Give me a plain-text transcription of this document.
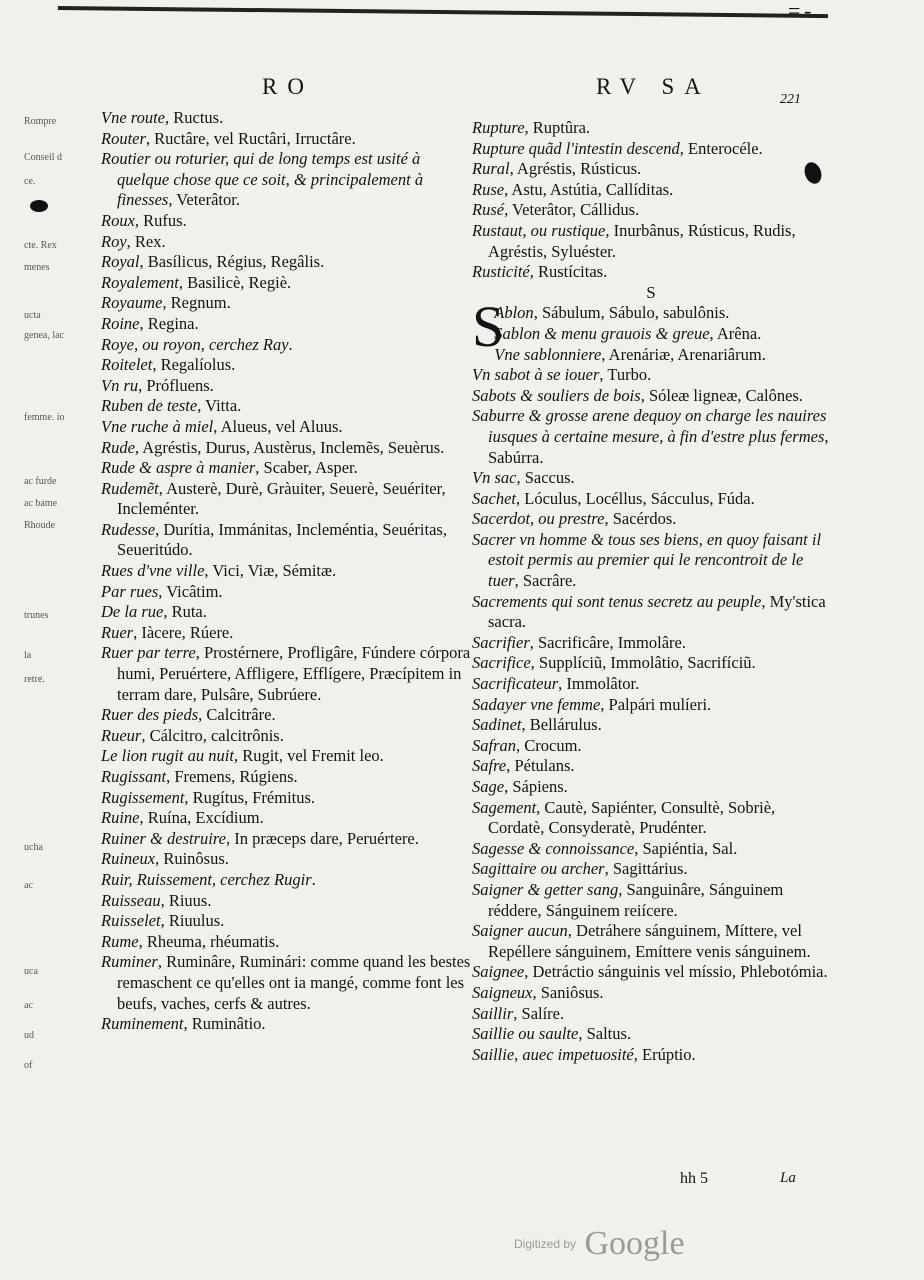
= -
RO	RV SA
221
Rompre
Conseil d
ce.
cte. Rex
menes
ucta
genea, lac
femme. io
ac furde
ac bame
Rhoude
trunes
la
retre.
ucha
ac
uca
ac
ud
of
Vne route, Ructus.
Router, Ructâre, vel Ructâri, Irructâre.
Routier ou roturier, qui de long temps est usité à quelque chose que ce soit, & principalement à finesses, Veterâtor.
Roux, Rufus.
Roy, Rex.
Royal, Basílicus, Régius, Regâlis.
Royalement, Basilicè, Regiè.
Royaume, Regnum.
Roine, Regina.
Roye, ou royon, cerchez Ray.
Roitelet, Regalíolus.
Vn ru, Prófluens.
Ruben de teste, Vitta.
Vne ruche à miel, Alueus, vel Aluus.
Rude, Agréstis, Durus, Austèrus, Inclemẽs, Seuèrus.
Rude & aspre à manier, Scaber, Asper.
Rudemẽt, Austerè, Durè, Gràuiter, Seuerè, Seuériter, Incleménter.
Rudesse, Durítia, Immánitas, Incleméntia, Seuéritas, Seueritúdo.
Rues d'vne ville, Vici, Viæ, Sémitæ.
Par rues, Vicâtim.
De la rue, Ruta.
Ruer, Iàcere, Rúere.
Ruer par terre, Prostérnere, Profligâre, Fúndere córpora humi, Peruértere, Affligere, Efflígere, Præcípitem in terram dare, Pulsâre, Subrúere.
Ruer des pieds, Calcitrâre.
Rueur, Cálcitro, calcitrônis.
Le lion rugit au nuit, Rugit, vel Fremit leo.
Rugissant, Fremens, Rúgiens.
Rugissement, Rugítus, Frémitus.
Ruine, Ruína, Excídium.
Ruiner & destruire, In præceps dare, Peruértere.
Ruineux, Ruinôsus.
Ruir, Ruissement, cerchez Rugir.
Ruisseau, Riuus.
Ruisselet, Riuulus.
Rume, Rheuma, rhéumatis.
Ruminer, Ruminâre, Ruminári: comme quand les bestes remaschent ce qu'elles ont ia mangé, comme font les beufs, vaches, cerfs & autres.
Ruminement, Ruminâtio.
Rupture, Ruptûra.
Rupture quãd l'intestin descend, Enterocéle.
Rural, Agréstis, Rústicus.
Ruse, Astu, Astútia, Callíditas.
Rusé, Veterâtor, Cállidus.
Rustaut, ou rustique, Inurbânus, Rústicus, Rudis, Agréstis, Syluéster.
Rusticité, Rustícitas.
S
S
Ablon, Sábulum, Sábulo, sabulônis.
Sablon & menu grauois & greue, Arêna.
Vne sablonniere, Arenáriæ, Arenariârum.
Vn sabot à se iouer, Turbo.
Sabots & souliers de bois, Sóleæ ligneæ, Calônes.
Saburre & grosse arene dequoy on charge les nauires iusques à certaine mesure, à fin d'estre plus fermes, Sabúrra.
Vn sac, Saccus.
Sachet, Lóculus, Locéllus, Sácculus, Fúda.
Sacerdot, ou prestre, Sacérdos.
Sacrer vn homme & tous ses biens, en quoy faisant il estoit permis au premier qui le rencontroit de le tuer, Sacrâre.
Sacrements qui sont tenus secretz au peuple, My'stica sacra.
Sacrifier, Sacrificâre, Immolâre.
Sacrifice, Supplíciũ, Immolâtio, Sacrifíciũ.
Sacrificateur, Immolâtor.
Sadayer vne femme, Palpári mulíeri.
Sadinet, Bellárulus.
Safran, Crocum.
Safre, Pétulans.
Sage, Sápiens.
Sagement, Cautè, Sapiénter, Consultè, Sobriè, Cordatè, Consyderatè, Prudénter.
Sagesse & connoissance, Sapiéntia, Sal.
Sagittaire ou archer, Sagittárius.
Saigner & getter sang, Sanguinâre, Sánguinem réddere, Sánguinem reiícere.
Saigner aucun, Detráhere sánguinem, Míttere, vel Repéllere sánguinem, Emíttere venis sánguinem.
Saignee, Detráctio sánguinis vel míssio, Phlebotómia.
Saigneux, Saniôsus.
Saillir, Salíre.
Saillie ou saulte, Saltus.
Saillie, auec impetuosité, Erúptio.
hh 5	La
Digitized by Google
